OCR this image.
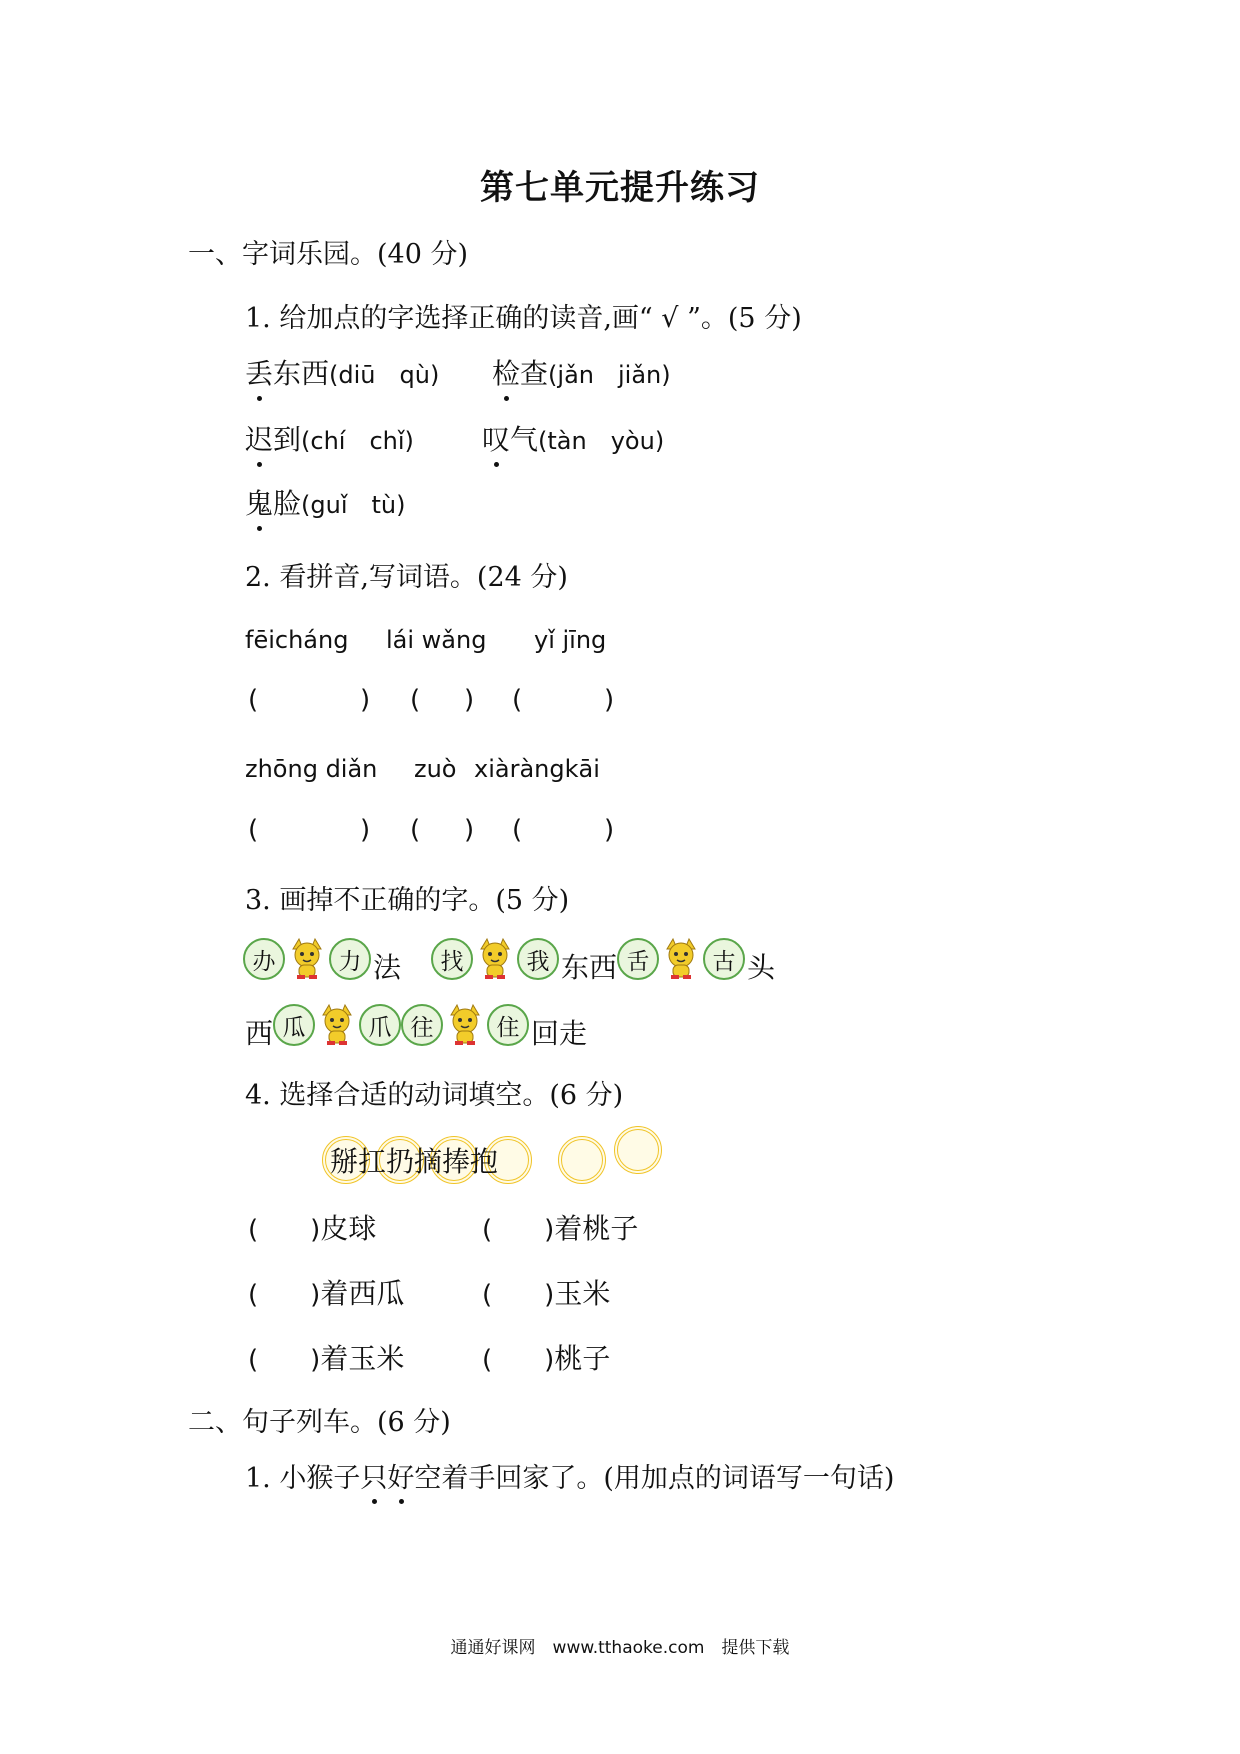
第七单元提升练习
一、字词乐园。(40 分)
1. 给加点的字选择正确的读音,画“ √ ”。(5 分)
丢东西(diū　qù) 检查(jǎn　jiǎn)
迟到(chí　chǐ) 叹气(tàn　yòu)
鬼脸(guǐ　tù)
2. 看拼音,写词语。(24 分)
fēicháng lái wǎng yǐ jīng
(	) ( ) (	)
zhōng diǎn zuò xiàràngkāi
(	) ( ) (	)
3. 画掉不正确的字。(5 分)
办	力 法	找	我 东西 舌	古 头
西 瓜	爪 往	住 回走
4. 选择合适的动词填空。(6 分)
掰扛扔摘捧抱
( )皮球	( )着桃子
( )着西瓜	( )玉米
( )着玉米	( )桃子
二、句子列车。(6 分)
1. 小猴子只好空着手回家了。(用加点的词语写一句话)
通通好课网　www.tthaoke.com　提供下载
